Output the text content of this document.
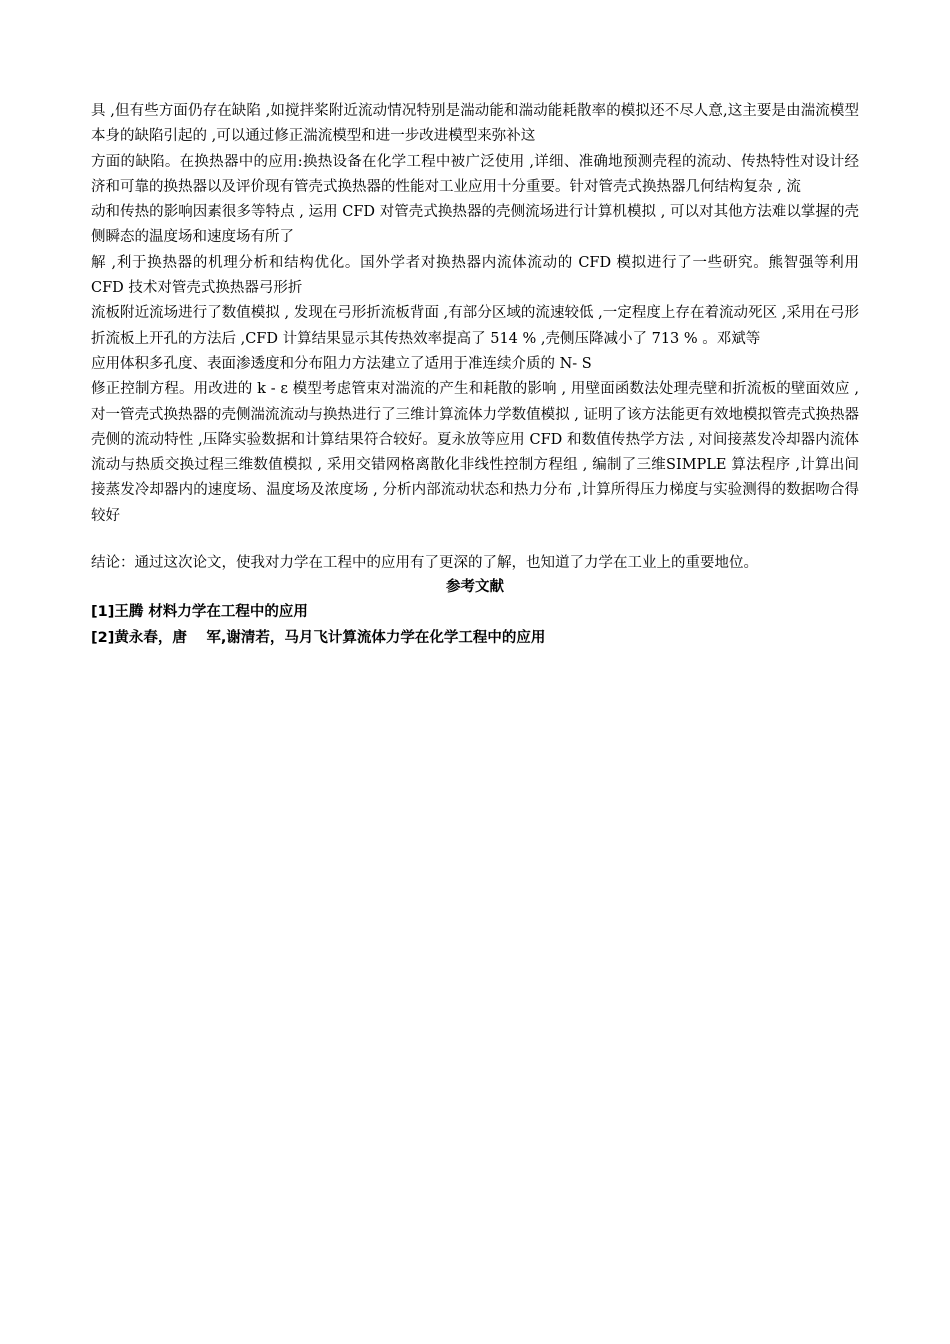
具 ,但有些方面仍存在缺陷 ,如搅拌桨附近流动情况特别是湍动能和湍动能耗散率的模拟还不尽人意,这主要是由湍流模型本身的缺陷引起的 ,可以通过修正湍流模型和进一步改进模型来弥补这

方面的缺陷。在换热器中的应用:换热设备在化学工程中被广泛使用 ,详细、准确地预测壳程的流动、传热特性对设计经济和可靠的换热器以及评价现有管壳式换热器的性能对工业应用十分重要。针对管壳式换热器几何结构复杂 , 流

动和传热的影响因素很多等特点 , 运用 CFD 对管壳式换热器的壳侧流场进行计算机模拟 , 可以对其他方法难以掌握的壳侧瞬态的温度场和速度场有所了

解 ,利于换热器的机理分析和结构优化。国外学者对换热器内流体流动的 CFD 模拟进行了一些研究。熊智强等利用 CFD 技术对管壳式换热器弓形折

流板附近流场进行了数值模拟 , 发现在弓形折流板背面 ,有部分区域的流速较低 ,一定程度上存在着流动死区 ,采用在弓形折流板上开孔的方法后 ,CFD 计算结果显示其传热效率提高了 514 % ,壳侧压降减小了 713 % 。邓斌等

应用体积多孔度、表面渗透度和分布阻力方法建立了适用于准连续介质的 N- S

修正控制方程。用改进的 k - ε 模型考虑管束对湍流的产生和耗散的影响 , 用壁面函数法处理壳壁和折流板的壁面效应 , 对一管壳式换热器的壳侧湍流流动与换热进行了三维计算流体力学数值模拟 , 证明了该方法能更有效地模拟管壳式换热器壳侧的流动特性 ,压降实验数据和计算结果符合较好。夏永放等应用 CFD 和数值传热学方法 , 对间接蒸发冷却器内流体流动与热质交换过程三维数值模拟 , 采用交错网格离散化非线性控制方程组 , 编制了三维SIMPLE 算法程序 ,计算出间接蒸发冷却器内的速度场、温度场及浓度场 , 分析内部流动状态和热力分布 ,计算所得压力梯度与实验测得的数据吻合得较好

结论：通过这次论文，使我对力学在工程中的应用有了更深的了解，也知道了力学在工业上的重要地位。

参考文献

[1]王腾 材料力学在工程中的应用

[2]黄永春，唐　 军,谢清若，马月飞计算流体力学在化学工程中的应用
